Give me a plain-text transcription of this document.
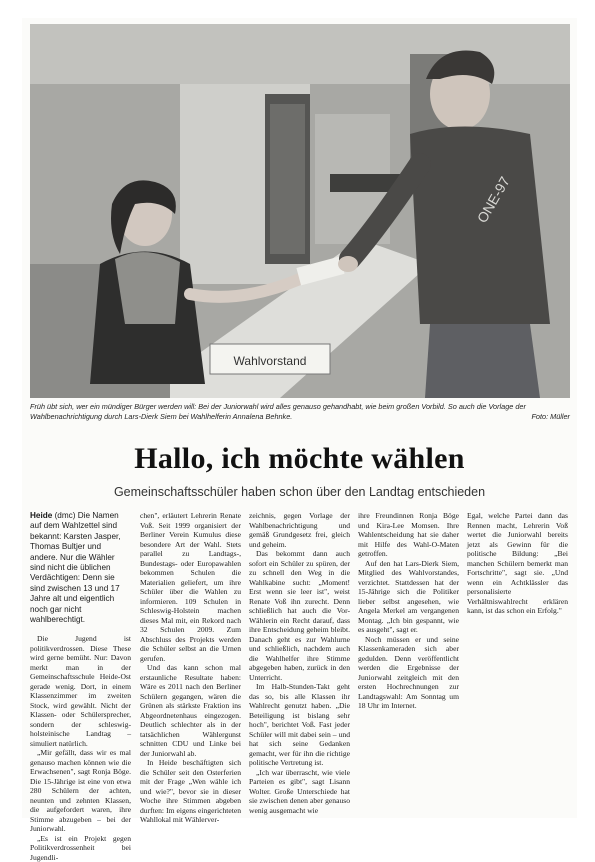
Wahlvorstand
ONE-97
Früh übt sich, wer ein mündiger Bürger werden will: Bei der Juniorwahl wird alles genauso gehandhabt, wie beim großen Vorbild. So auch die Vorlage der Wahlbenachrichtigung durch Lars-Dierk Siem bei Wahlhelferin Annalena Behnke.	Foto: Müller
Hallo, ich möchte wählen
Gemeinschaftsschüler haben schon über den Landtag entschieden

Heide (dmc) Die Namen auf dem Wahlzettel sind bekannt: Karsten Jasper, Thomas Bultjer und andere. Nur die Wähler sind nicht die üblichen Verdächtigen: Denn sie sind zwischen 13 und 17 Jahre alt und eigentlich noch gar nicht wahlberechtigt.

Die Jugend ist politikverdrossen. Diese These wird gerne bemüht. Nur: Davon merkt man in der Gemeinschaftsschule Heide-Ost gerade wenig. Dort, in einem Klassenzimmer im zweiten Stock, wird gewählt. Nicht der Klassen- oder Schülersprecher, sondern der schleswig-holsteinische Landtag – simuliert natürlich.

„Mir gefällt, dass wir es mal genauso machen können wie die Erwachsenen", sagt Ronja Böge. Die 15-Jährige ist eine von etwa 280 Schülern der achten, neunten und zehnten Klassen, die aufgefordert waren, ihre Stimme abzugeben – bei der Juniorwahl.

„Es ist ein Projekt gegen Politikverdrossenheit bei Jugendli-

chen", erläutert Lehrerin Renate Voß. Seit 1999 organisiert der Berliner Verein Kumulus diese besondere Art der Wahl. Stets parallel zu Landtags-, Bundestags- oder Europawahlen bekommen Schulen die Materialien geliefert, um ihre Schüler über die Wahlen zu informieren. 109 Schulen in Schleswig-Holstein machen dieses Mal mit, ein Rekord nach 32 Schulen 2009. Zum Abschluss des Projekts werden die Schüler selbst an die Urnen gerufen.

Und das kann schon mal erstaunliche Resultate haben: Wäre es 2011 nach den Berliner Schülern gegangen, wären die Grünen als stärkste Fraktion ins Abgeordnetenhaus eingezogen. Deutlich schlechter als in der tatsächlichen Wählergunst schnitten CDU und Linke bei der Juniorwahl ab.

In Heide beschäftigten sich die Schüler seit den Osterferien mit der Frage „Wen wähle ich und wie?", bevor sie in dieser Woche ihre Stimmen abgeben durften: Im eigens eingerichteten Wahllokal mit Wählerver-

zeichnis, gegen Vorlage der Wahlbenachrichtigung und gemäß Grundgesetz frei, gleich und geheim.

Das bekommt dann auch sofort ein Schüler zu spüren, der zu schnell den Weg in die Wahlkabine sucht: „Moment! Erst wenn sie leer ist", weist Renate Voß ihn zurecht. Denn schließlich hat auch die Vor-Wählerin ein Recht darauf, dass ihre Entscheidung geheim bleibt. Danach geht es zur Wahlurne und schließlich, nachdem auch die Wahlhelfer ihre Stimme abgegeben haben, zurück in den Unterricht.

Im Halb-Stunden-Takt geht das so, bis alle Klassen ihr Wahlrecht genutzt haben. „Die Beteiligung ist bislang sehr hoch", berichtet Voß. Fast jeder Schüler will mit dabei sein – und hat sich seine Gedanken gemacht, wer für ihn die richtige politische Vertretung ist.

„Ich war überrascht, wie viele Parteien es gibt", sagt Lisann Wolter. Große Unterschiede hat sie zwischen denen aber genauso wenig ausgemacht wie

ihre Freundinnen Ronja Böge und Kira-Lee Momsen. Ihre Wahlentscheidung hat sie daher mit Hilfe des Wahl-O-Maten getroffen.

Auf den hat Lars-Dierk Siem, Mitglied des Wahlvorstandes, verzichtet. Stattdessen hat der 15-Jährige sich die Politiker lieber selbst angesehen, wie Angela Merkel am vergangenen Montag. „Ich bin gespannt, wie es ausgeht", sagt er.

Noch müssen er und seine Klassenkameraden sich aber gedulden. Denn veröffentlicht werden die Ergebnisse der Juniorwahl zeitgleich mit den ersten Hochrechnungen zur Landtagswahl: Am Sonntag um 18 Uhr im Internet.

Egal, welche Partei dann das Rennen macht, Lehrerin Voß wertet die Juniorwahl bereits jetzt als Gewinn für die politische Bildung: „Bei manchen Schülern bemerkt man Fortschritte", sagt sie. „Und wenn ein Achtklässler das personalisierte Verhältniswahlrecht erklären kann, ist das schon ein Erfolg."
